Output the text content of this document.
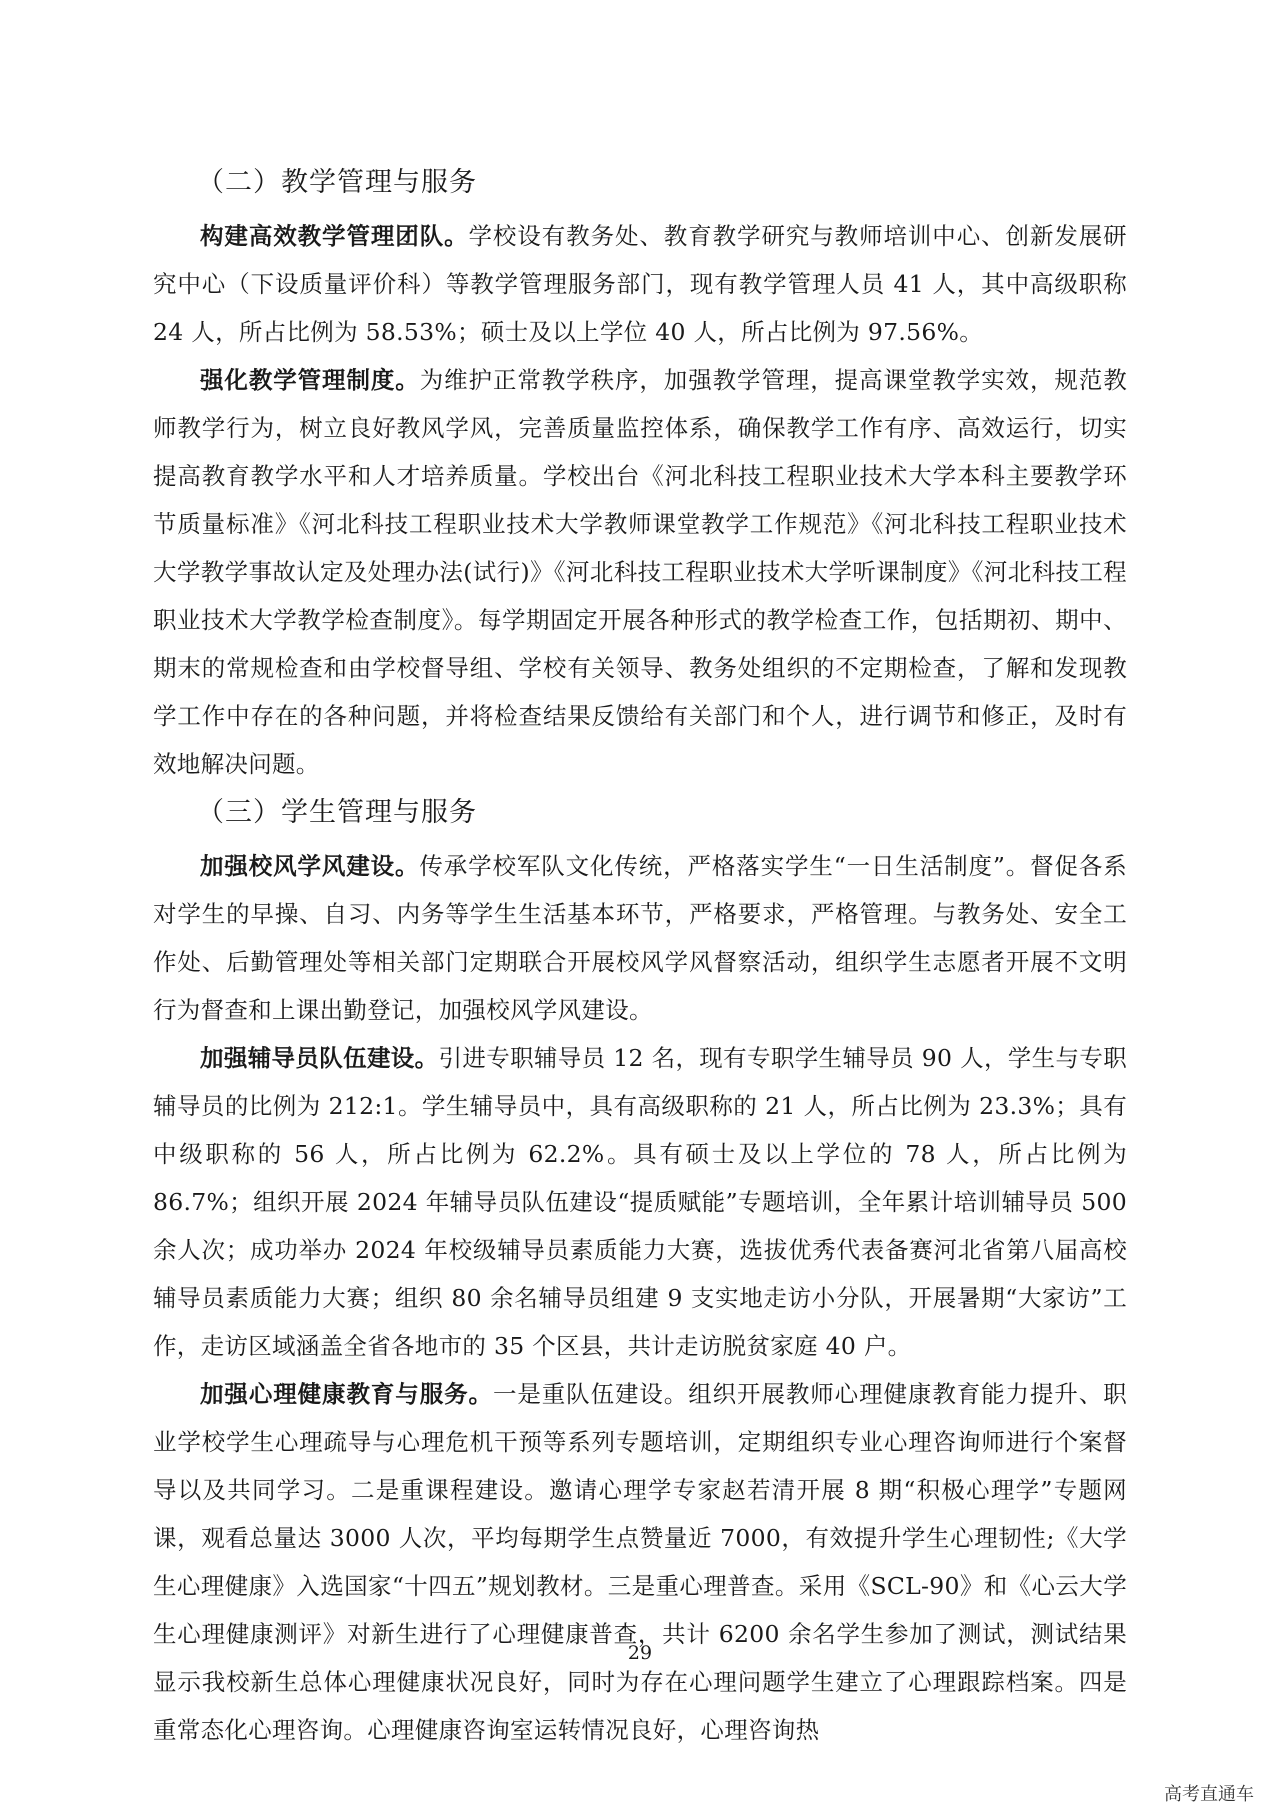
（二）教学管理与服务

构建高效教学管理团队。学校设有教务处、教育教学研究与教师培训中心、创新发展研究中心（下设质量评价科）等教学管理服务部门，现有教学管理人员 41 人，其中高级职称 24 人，所占比例为 58.53%；硕士及以上学位 40 人，所占比例为 97.56%。

强化教学管理制度。为维护正常教学秩序，加强教学管理，提高课堂教学实效，规范教师教学行为，树立良好教风学风，完善质量监控体系，确保教学工作有序、高效运行，切实提高教育教学水平和人才培养质量。学校出台《河北科技工程职业技术大学本科主要教学环节质量标准》《河北科技工程职业技术大学教师课堂教学工作规范》《河北科技工程职业技术大学教学事故认定及处理办法(试行)》《河北科技工程职业技术大学听课制度》《河北科技工程职业技术大学教学检查制度》。每学期固定开展各种形式的教学检查工作，包括期初、期中、期末的常规检查和由学校督导组、学校有关领导、教务处组织的不定期检查，了解和发现教学工作中存在的各种问题，并将检查结果反馈给有关部门和个人，进行调节和修正，及时有效地解决问题。

（三）学生管理与服务

加强校风学风建设。传承学校军队文化传统，严格落实学生“一日生活制度”。督促各系对学生的早操、自习、内务等学生生活基本环节，严格要求，严格管理。与教务处、安全工作处、后勤管理处等相关部门定期联合开展校风学风督察活动，组织学生志愿者开展不文明行为督查和上课出勤登记，加强校风学风建设。

加强辅导员队伍建设。引进专职辅导员 12 名，现有专职学生辅导员 90 人，学生与专职辅导员的比例为 212:1。学生辅导员中，具有高级职称的 21 人，所占比例为 23.3%；具有中级职称的 56 人，所占比例为 62.2%。具有硕士及以上学位的 78 人，所占比例为 86.7%；组织开展 2024 年辅导员队伍建设“提质赋能”专题培训，全年累计培训辅导员 500 余人次；成功举办 2024 年校级辅导员素质能力大赛，选拔优秀代表备赛河北省第八届高校辅导员素质能力大赛；组织 80 余名辅导员组建 9 支实地走访小分队，开展暑期“大家访”工作，走访区域涵盖全省各地市的 35 个区县，共计走访脱贫家庭 40 户。

加强心理健康教育与服务。一是重队伍建设。组织开展教师心理健康教育能力提升、职业学校学生心理疏导与心理危机干预等系列专题培训，定期组织专业心理咨询师进行个案督导以及共同学习。二是重课程建设。邀请心理学专家赵若清开展 8 期“积极心理学”专题网课，观看总量达 3000 人次，平均每期学生点赞量近 7000，有效提升学生心理韧性;《大学生心理健康》入选国家“十四五”规划教材。三是重心理普查。采用《SCL-90》和《心云大学生心理健康测评》对新生进行了心理健康普查，共计 6200 余名学生参加了测试，测试结果显示我校新生总体心理健康状况良好，同时为存在心理问题学生建立了心理跟踪档案。四是重常态化心理咨询。心理健康咨询室运转情况良好，心理咨询热

29
高考直通车
